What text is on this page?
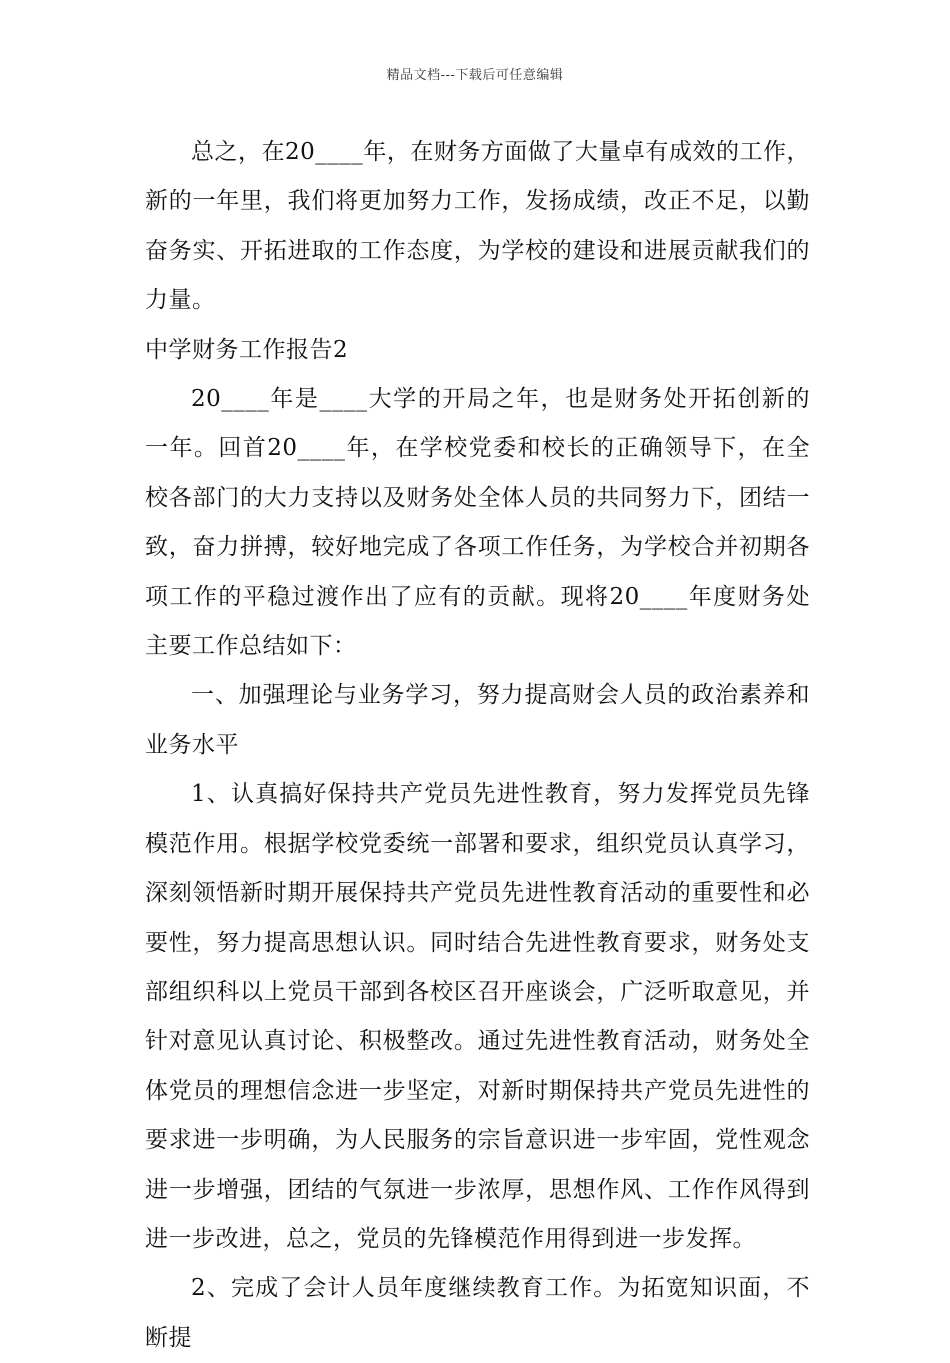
精品文档---下载后可任意编辑

总之，在20____年，在财务方面做了大量卓有成效的工作，新的一年里，我们将更加努力工作，发扬成绩，改正不足，以勤奋务实、开拓进取的工作态度，为学校的建设和进展贡献我们的力量。

中学财务工作报告2

20____年是____大学的开局之年，也是财务处开拓创新的一年。回首20____年，在学校党委和校长的正确领导下，在全校各部门的大力支持以及财务处全体人员的共同努力下，团结一致，奋力拼搏，较好地完成了各项工作任务，为学校合并初期各项工作的平稳过渡作出了应有的贡献。现将20____年度财务处主要工作总结如下：

一、加强理论与业务学习，努力提高财会人员的政治素养和业务水平

1、认真搞好保持共产党员先进性教育，努力发挥党员先锋模范作用。根据学校党委统一部署和要求，组织党员认真学习，深刻领悟新时期开展保持共产党员先进性教育活动的重要性和必要性，努力提高思想认识。同时结合先进性教育要求，财务处支部组织科以上党员干部到各校区召开座谈会，广泛听取意见，并针对意见认真讨论、积极整改。通过先进性教育活动，财务处全体党员的理想信念进一步坚定，对新时期保持共产党员先进性的要求进一步明确，为人民服务的宗旨意识进一步牢固，党性观念进一步增强，团结的气氛进一步浓厚，思想作风、工作作风得到进一步改进，总之，党员的先锋模范作用得到进一步发挥。

2、完成了会计人员年度继续教育工作。为拓宽知识面，不断提
